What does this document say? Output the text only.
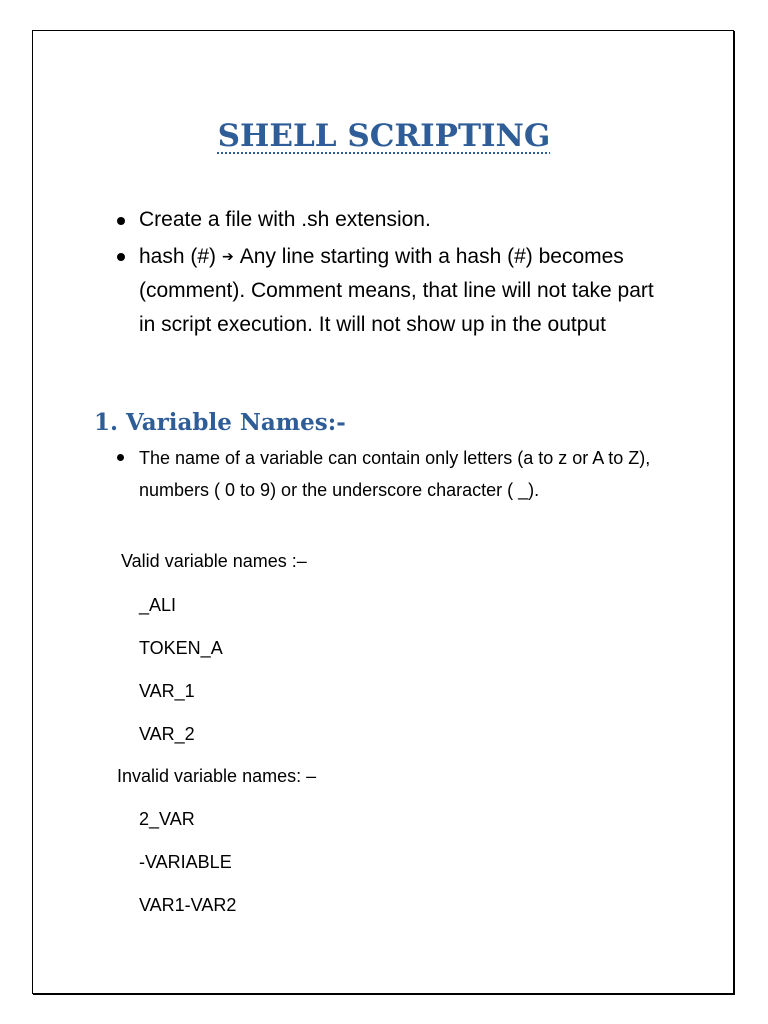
SHELL SCRIPTING
Create a file with .sh extension.
hash (#) ➔ Any line starting with a hash (#) becomes (comment). Comment means, that line will not take part in script execution. It will not show up in the output
1. Variable Names:-
The name of a variable can contain only letters (a to z or A to Z), numbers ( 0 to 9) or the underscore character ( _).

Valid variable names :–

_ALI
TOKEN_A
VAR_1
VAR_2

Invalid variable names: –

2_VAR
-VARIABLE
VAR1-VAR2
